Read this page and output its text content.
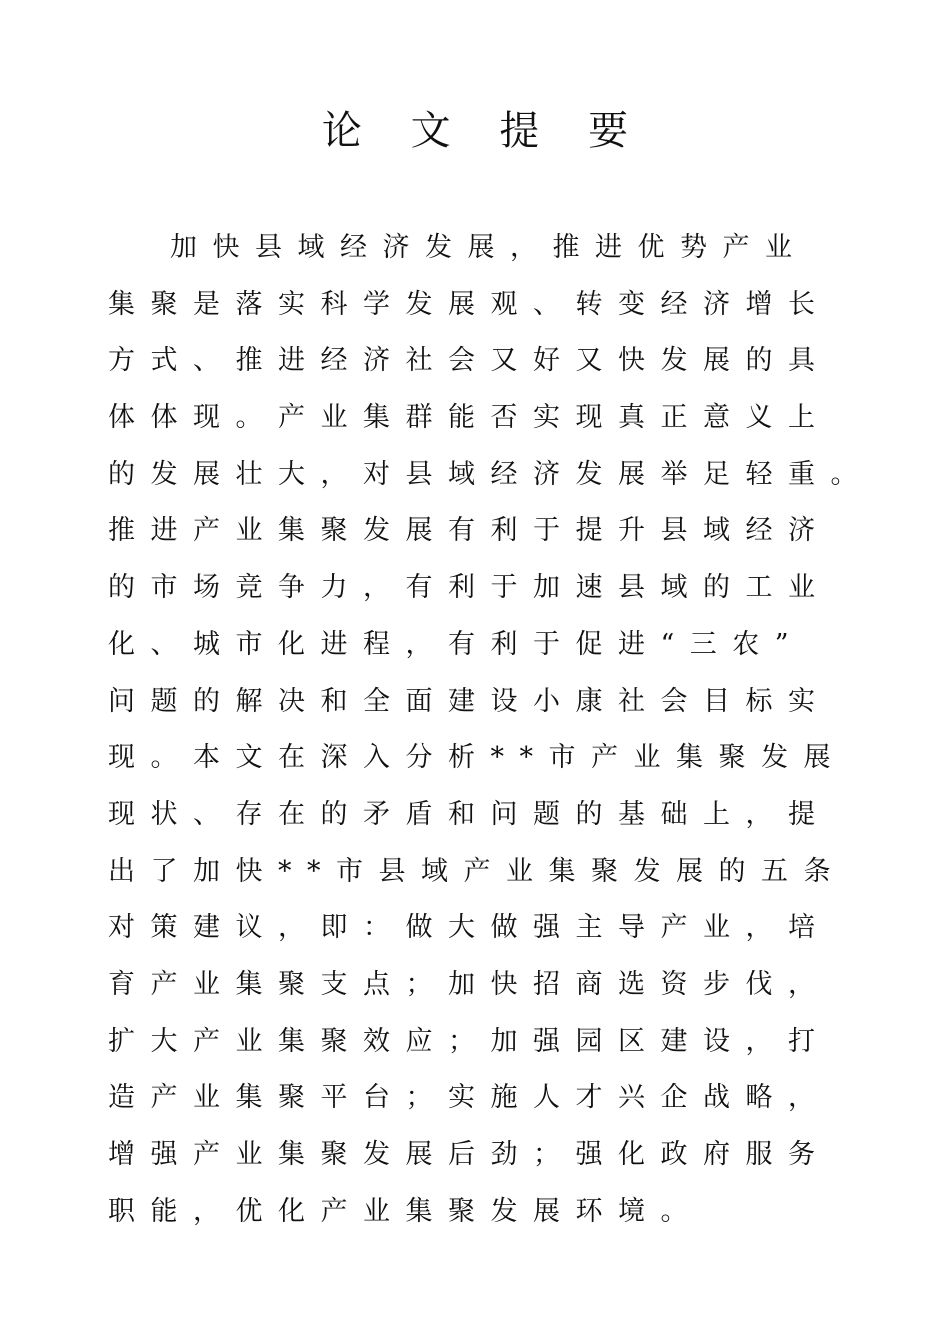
论 文 提 要
加快县域经济发展，推进优势产业
集聚是落实科学发展观、转变经济增长
方式、推进经济社会又好又快发展的具
体体现。产业集群能否实现真正意义上
的发展壮大，对县域经济发展举足轻重。
推进产业集聚发展有利于提升县域经济
的市场竞争力，有利于加速县域的工业
化、城市化进程，有利于促进“三农”
问题的解决和全面建设小康社会目标实
现。本文在深入分析**市产业集聚发展
现状、存在的矛盾和问题的基础上，提
出了加快**市县域产业集聚发展的五条
对策建议，即：做大做强主导产业，培
育产业集聚支点；加快招商选资步伐，
扩大产业集聚效应；加强园区建设，打
造产业集聚平台；实施人才兴企战略，
增强产业集聚发展后劲；强化政府服务
职能，优化产业集聚发展环境。
